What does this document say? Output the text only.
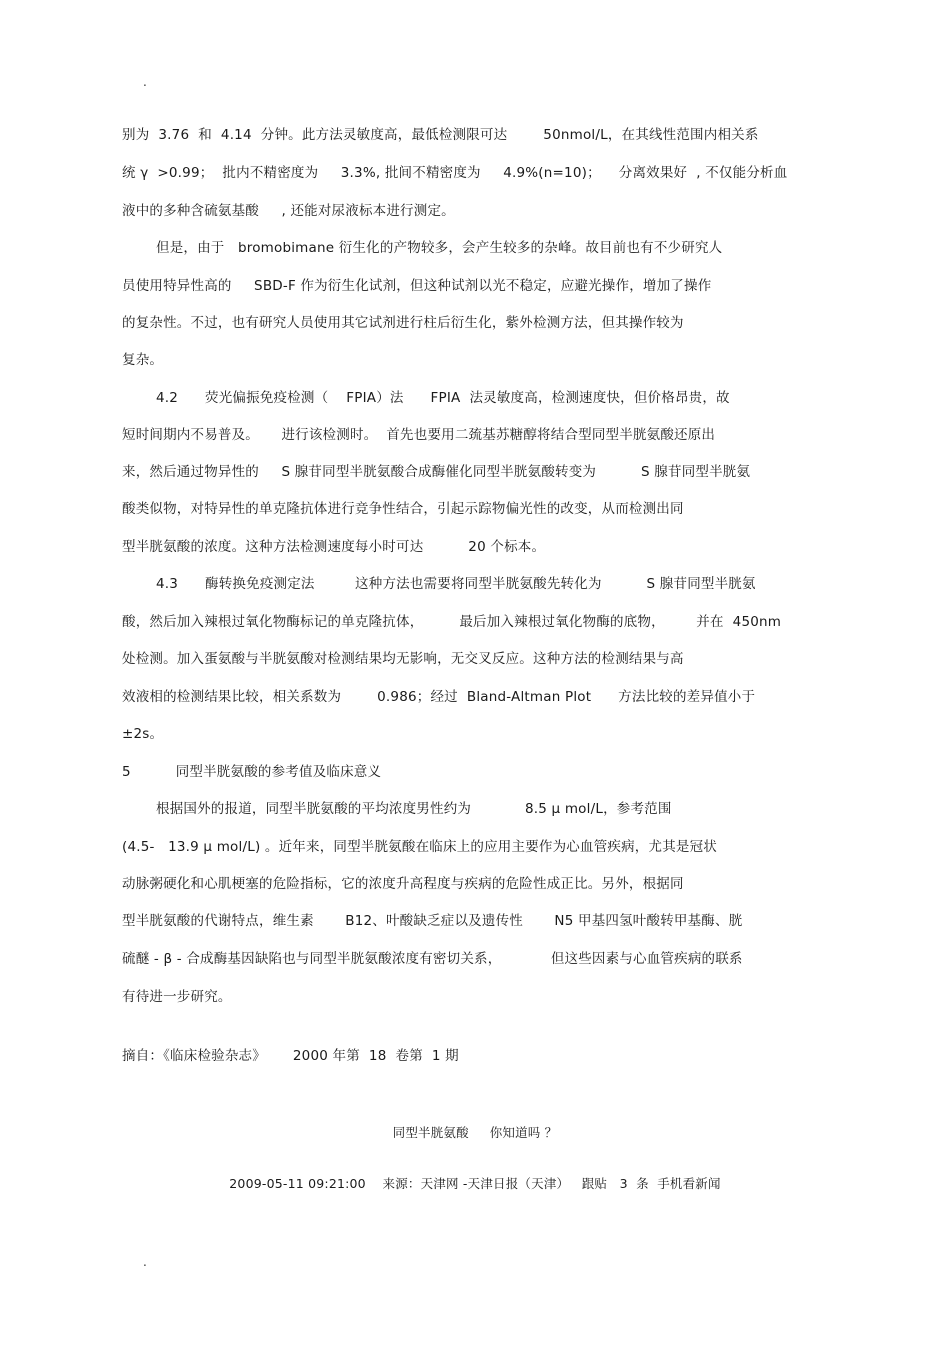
.
别为  3.76  和  4.14  分钟。此方法灵敏度高，最低检测限可达        50nmol/L，在其线性范围内相关系
统 γ  >0.99；  批内不精密度为     3.3%, 批间不精密度为     4.9%(n=10)；    分离效果好  , 不仅能分析血
液中的多种含硫氨基酸     , 还能对尿液标本进行测定。
但是，由于   bromobimane 衍生化的产物较多，会产生较多的杂峰。故目前也有不少研究人
员使用特异性高的     SBD-F 作为衍生化试剂，但这种试剂以光不稳定，应避光操作，增加了操作
的复杂性。不过，也有研究人员使用其它试剂进行柱后衍生化，紫外检测方法，但其操作较为
复杂。
4.2      荧光偏振免疫检测（    FPIA）法      FPIA  法灵敏度高，检测速度快，但价格昂贵，故
短时间期内不易普及。     进行该检测时。  首先也要用二巯基苏糖醇将结合型同型半胱氨酸还原出
来，然后通过物异性的     S 腺苷同型半胱氨酸合成酶催化同型半胱氨酸转变为          S 腺苷同型半胱氨
酸类似物，对特异性的单克隆抗体进行竞争性结合，引起示踪物偏光性的改变，从而检测出同
型半胱氨酸的浓度。这种方法检测速度每小时可达          20 个标本。
4.3      酶转换免疫测定法         这种方法也需要将同型半胱氨酸先转化为          S 腺苷同型半胱氨
酸，然后加入辣根过氧化物酶标记的单克隆抗体，        最后加入辣根过氧化物酶的底物，       并在  450nm
处检测。加入蛋氨酸与半胱氨酸对检测结果均无影响，无交叉反应。这种方法的检测结果与高
效液相的检测结果比较，相关系数为        0.986；经过  Bland-Altman Plot      方法比较的差异值小于
±2s。
5          同型半胱氨酸的参考值及临床意义
根据国外的报道，同型半胱氨酸的平均浓度男性约为            8.5 μ mol/L，参考范围
(4.5-   13.9 μ mol/L) 。近年来，同型半胱氨酸在临床上的应用主要作为心血管疾病，尤其是冠状
动脉粥硬化和心肌梗塞的危险指标，它的浓度升高程度与疾病的危险性成正比。另外，根据同
型半胱氨酸的代谢特点，维生素       B12、叶酸缺乏症以及遗传性       N5 甲基四氢叶酸转甲基酶、胱
硫醚 - β - 合成酶基因缺陷也与同型半胱氨酸浓度有密切关系，           但这些因素与心血管疾病的联系
有待进一步研究。
摘自：《临床检验杂志》      2000 年第  18  卷第  1 期
同型半胱氨酸     你知道吗 ？
2009-05-11 09:21:00    来源：天津网 -天津日报（天津）   跟贴   3  条  手机看新闻
.
